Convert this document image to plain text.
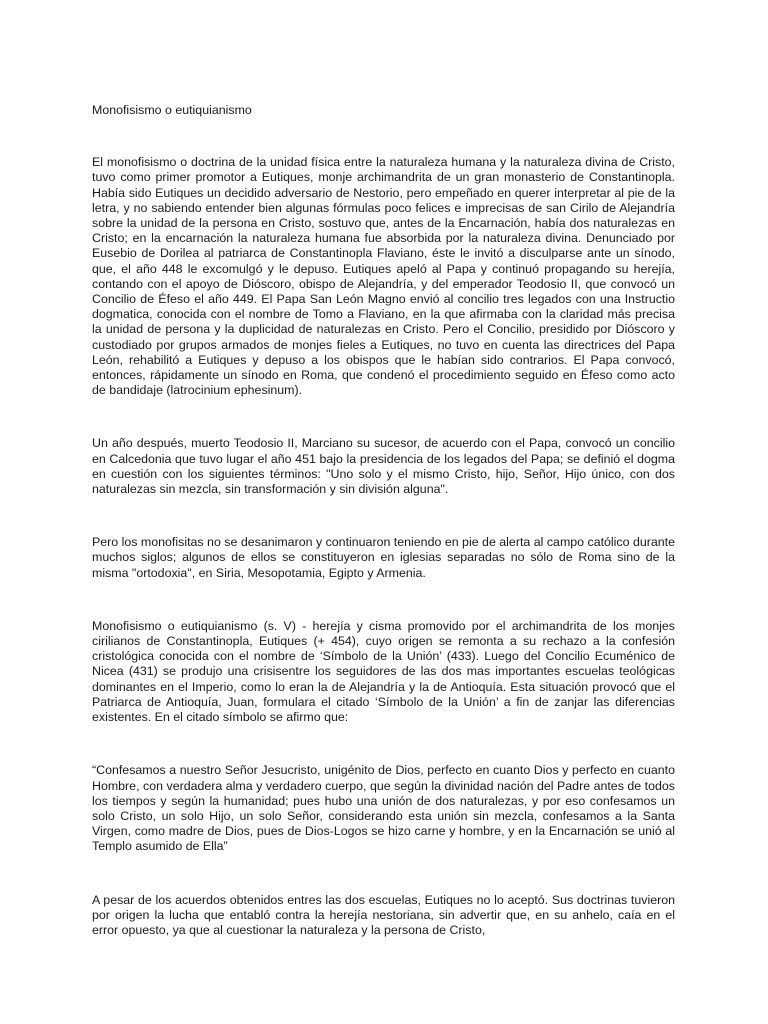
Monofisismo o eutiquianismo

El monofisismo o doctrina de la unidad física entre la naturaleza humana y la naturaleza divina de Cristo, tuvo como primer promotor a Eutiques, monje archimandrita de un gran monasterio de Constantinopla. Había sido Eutiques un decidido adversario de Nestorio, pero empeñado en querer interpretar al pie de la letra, y no sabiendo entender bien algunas fórmulas poco felices e imprecisas de san Cirilo de Alejandría sobre la unidad de la persona en Cristo, sostuvo que, antes de la Encarnación, había dos naturalezas en Cristo; en la encarnación la naturaleza humana fue absorbida por la naturaleza divina. Denunciado por Eusebio de Dorilea al patriarca de Constantinopla Flaviano, éste le invitó a disculparse ante un sínodo, que, el año 448 le excomulgó y le depuso. Eutiques apeló al Papa y continuó propagando su herejía, contando con el apoyo de Dióscoro, obispo de Alejandría, y del emperador Teodosio II, que convocó un Concilio de Éfeso el año 449. El Papa San León Magno envió al concilio tres legados con una Instructio dogmatica, conocida con el nombre de Tomo a Flaviano, en la que afirmaba con la claridad más precisa la unidad de persona y la duplicidad de naturalezas en Cristo. Pero el Concilio, presidido por Dióscoro y custodiado por grupos armados de monjes fieles a Eutiques, no tuvo en cuenta las directrices del Papa León, rehabilitó a Eutiques y depuso a los obispos que le habían sido contrarios. El Papa convocó, entonces, rápidamente un sínodo en Roma, que condenó el procedimiento seguido en Éfeso como acto de bandidaje (latrocinium ephesinum).

Un año después, muerto Teodosio II, Marciano su sucesor, de acuerdo con el Papa, convocó un concilio en Calcedonia que tuvo lugar el año 451 bajo la presidencia de los legados del Papa; se definió el dogma en cuestión con los siguientes términos: "Uno solo y el mismo Cristo, hijo, Señor, Hijo único, con dos naturalezas sin mezcla, sin transformación y sin división alguna".

Pero los monofisitas no se desanimaron y continuaron teniendo en pie de alerta al campo católico durante muchos siglos; algunos de ellos se constituyeron en iglesias separadas no sólo de Roma sino de la misma "ortodoxia", en Siria, Mesopotamia, Egipto y Armenia.

Monofisismo o eutiquianismo (s. V) - herejía y cisma promovido por el archimandrita de los monjes cirilianos de Constantinopla, Eutiques (+ 454), cuyo origen se remonta a su rechazo a la confesión cristológica conocida con el nombre de ‘Símbolo de la Unión’ (433). Luego del Concilio Ecuménico de Nicea (431) se produjo una crisisentre los seguidores de las dos mas importantes escuelas teológicas dominantes en el Imperio, como lo eran la de Alejandría y la de Antioquía. Esta situación provocó que el Patriarca de Antioquía, Juan, formulara el citado ‘Símbolo de la Unión’ a fin de zanjar las diferencias existentes. En el citado símbolo se afirmo que:

“Confesamos a nuestro Señor Jesucristo, unigénito de Dios, perfecto en cuanto Dios y perfecto en cuanto Hombre, con verdadera alma y verdadero cuerpo, que según la divinidad nación del Padre antes de todos los tiempos y según la humanidad; pues hubo una unión de dos naturalezas, y por eso confesamos un solo Cristo, un solo Hijo, un solo Señor, considerando esta unión sin mezcla, confesamos a la Santa Virgen, como madre de Dios, pues de Dios-Logos se hizo carne y hombre, y en la Encarnación se unió al Templo asumido de Ella”

A pesar de los acuerdos obtenidos entres las dos escuelas, Eutiques no lo aceptó. Sus doctrinas tuvieron por origen la lucha que entabló contra la herejía nestoriana, sin advertir que, en su anhelo, caía en el error opuesto, ya que al cuestionar la naturaleza y la persona de Cristo,
